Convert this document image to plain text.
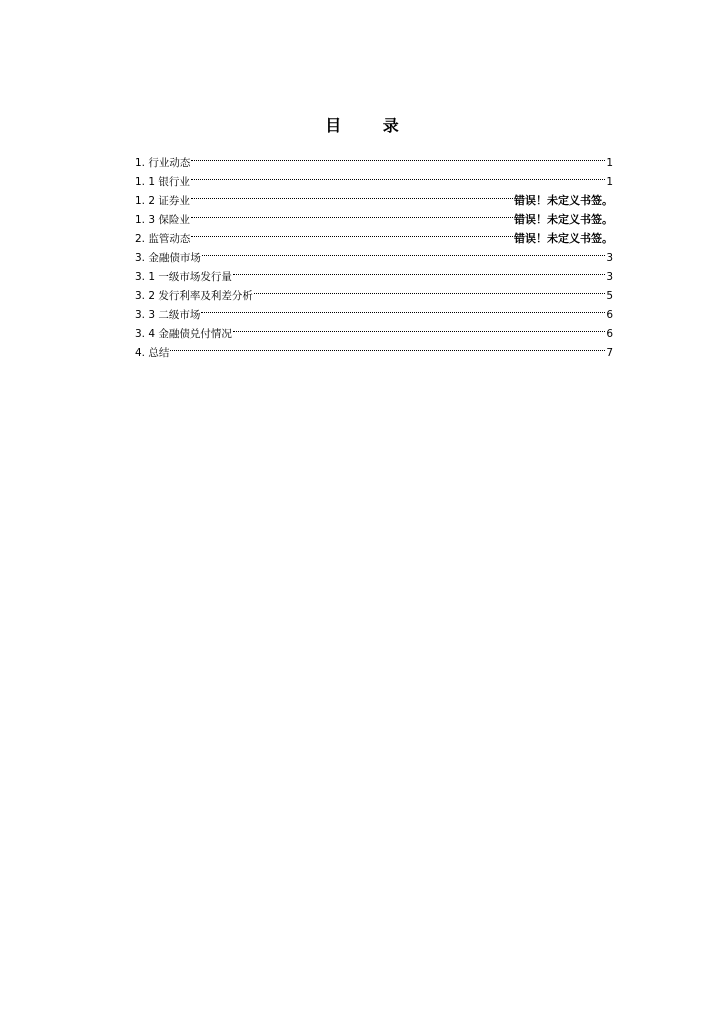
目 录
1. 行业动态	1
1. 1 银行业	1
1. 2 证券业	错误！未定义书签。
1. 3 保险业	错误！未定义书签。
2. 监管动态	错误！未定义书签。
3. 金融债市场	3
3. 1 一级市场发行量	3
3. 2 发行利率及利差分析	5
3. 3 二级市场	6
3. 4 金融债兑付情况	6
4. 总结	7
